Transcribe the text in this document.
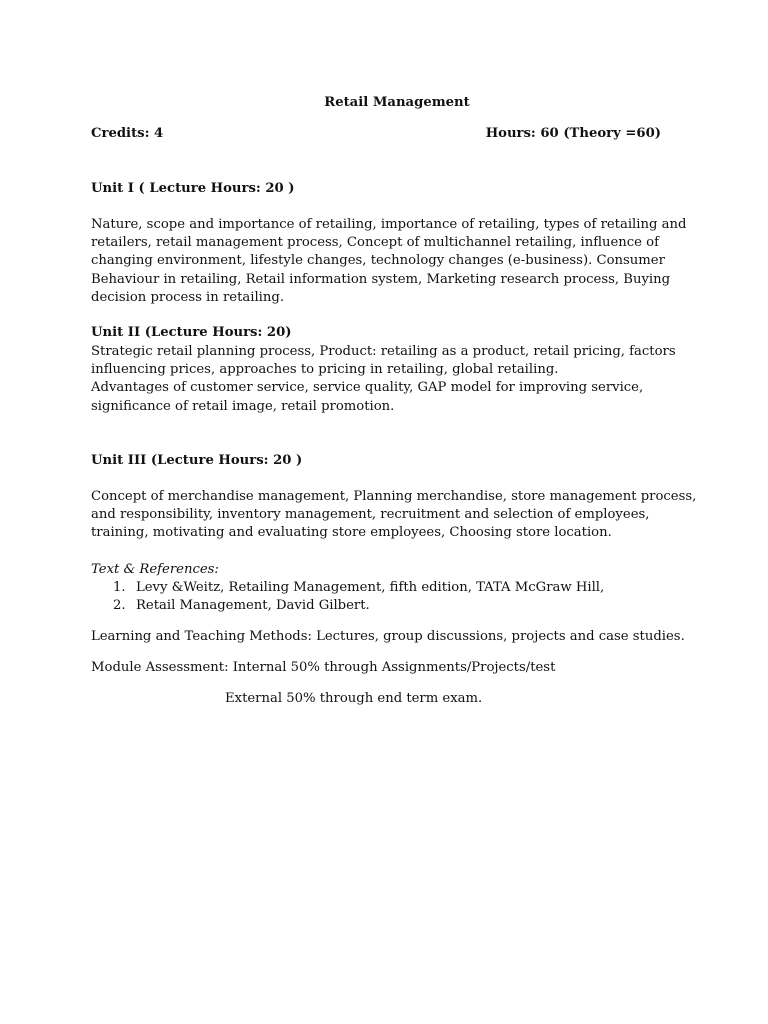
Retail Management
Credits: 4	Hours: 60 (Theory =60)
Unit I ( Lecture Hours: 20 )
Nature, scope and importance of retailing, importance of retailing, types of retailing and
retailers, retail management process, Concept of multichannel retailing, influence of
changing environment, lifestyle changes, technology changes (e-business). Consumer
Behaviour in retailing, Retail information system, Marketing research process, Buying
decision process in retailing.
Unit II (Lecture Hours: 20)
Strategic retail planning process, Product: retailing as a product, retail pricing, factors
influencing prices, approaches to pricing in retailing, global retailing.
Advantages of customer service, service quality, GAP model for improving service,
significance of retail image, retail promotion.
Unit III (Lecture Hours: 20 )
Concept of merchandise management, Planning merchandise, store management process,
and responsibility, inventory management, recruitment and selection of employees,
training, motivating and evaluating store employees, Choosing store location.
Text & References:
1. Levy &Weitz, Retailing Management, fifth edition, TATA McGraw Hill,
2. Retail Management, David Gilbert.
Learning and Teaching Methods: Lectures, group discussions, projects and case studies.
Module Assessment: Internal 50% through Assignments/Projects/test
External 50% through end term exam.
